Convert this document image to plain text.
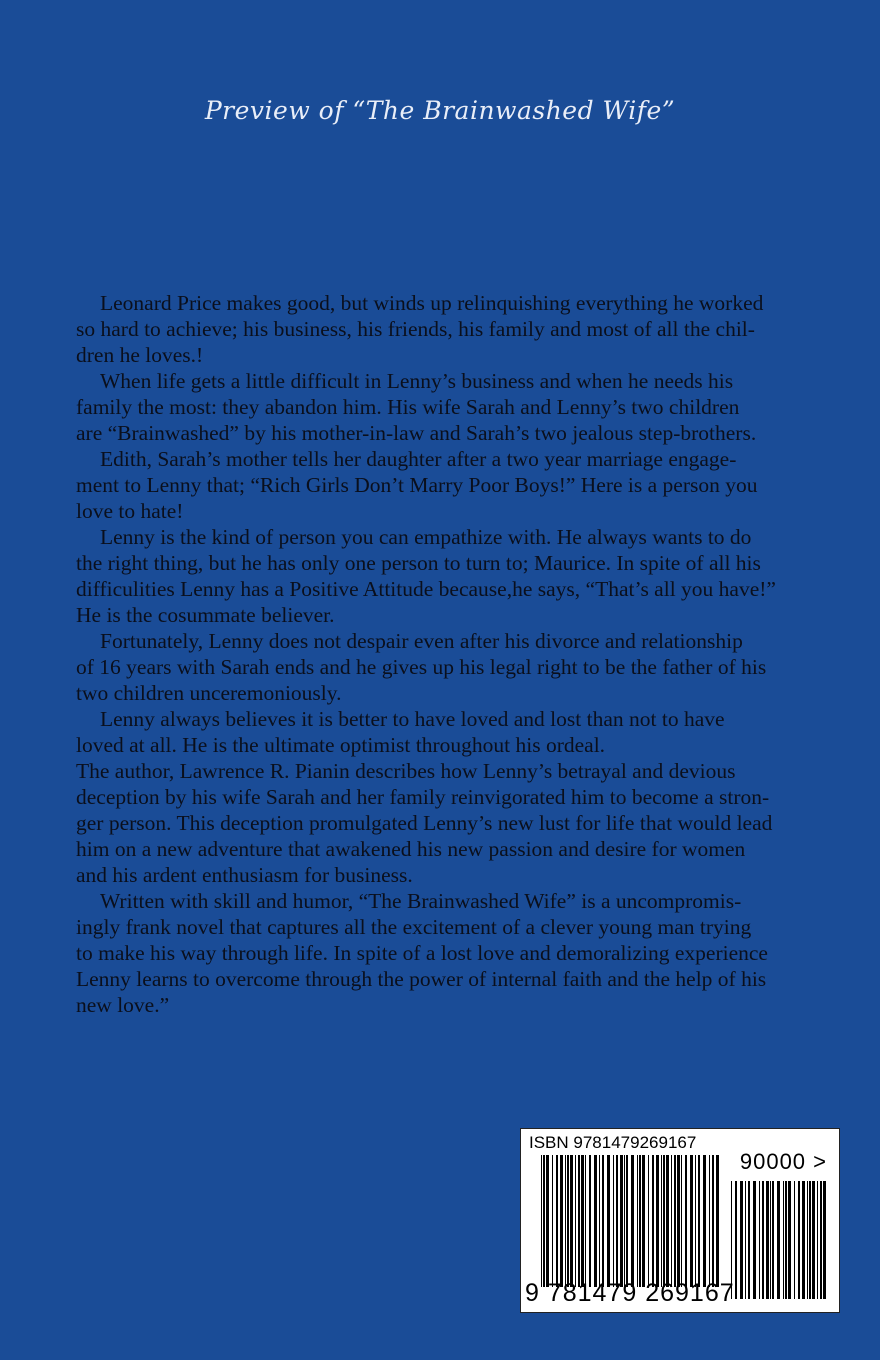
Preview of “The Brainwashed Wife”

Leonard Price makes good, but winds up relinquishing everything he worked
so hard to achieve; his business, his friends, his family and most of all the chil-
dren he loves.!

When life gets a little difficult in Lenny’s business and when he needs his
family the most: they abandon him. His wife Sarah and Lenny’s two children
are “Brainwashed” by his mother-in-law and Sarah’s two jealous step-brothers.

Edith, Sarah’s mother tells her daughter after a two year marriage engage-
ment to Lenny that; “Rich Girls Don’t Marry Poor Boys!” Here is a person you
love to hate!

Lenny is the kind of person you can empathize with. He always wants to do
the right thing, but he has only one person to turn to; Maurice. In spite of all his
difficulities Lenny has a Positive Attitude because,he says, “That’s all you have!”
He is the cosummate believer.

Fortunately, Lenny does not despair even after his divorce and relationship
of 16 years with Sarah ends and he gives up his legal right to be the father of his
two children unceremoniously.

Lenny always believes it is better to have loved and lost than not to have
loved at all. He is the ultimate optimist throughout his ordeal.

The author, Lawrence R. Pianin describes how Lenny’s betrayal and devious
deception by his wife Sarah and her family reinvigorated him to become a stron-
ger person. This deception promulgated Lenny’s new lust for life that would lead
him on a new adventure that awakened his new passion and desire for women
and his ardent enthusiasm for business.

Written with skill and humor, “The Brainwashed Wife” is a uncompromis-
ingly frank novel that captures all the excitement of a clever young man trying
to make his way through life. In spite of a lost love and demoralizing experience
Lenny learns to overcome through the power of internal faith and the help of his
new love.”

ISBN 9781479269167
90000 >
9 781479 269167
